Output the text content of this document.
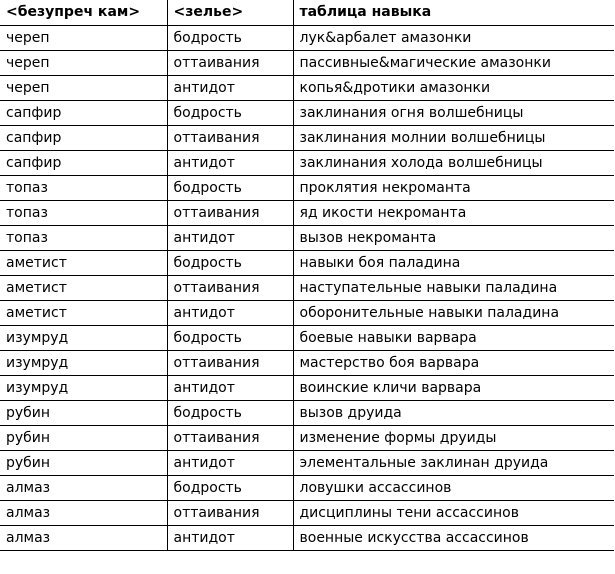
<безупреч кам>	<зелье>	таблица навыка
череп	бодрость	лук&арбалет амазонки
череп	оттаивания	пассивные&магические амазонки
череп	антидот	копья&дротики амазонки
сапфир	бодрость	заклинания огня волшебницы
сапфир	оттаивания	заклинания молнии волшебницы
сапфир	антидот	заклинания холода волшебницы
топаз	бодрость	проклятия некроманта
топаз	оттаивания	яд икости некроманта
топаз	антидот	вызов некроманта
аметист	бодрость	навыки боя паладина
аметист	оттаивания	наступательные навыки паладина
аметист	антидот	оборонительные навыки паладина
изумруд	бодрость	боевые навыки варвара
изумруд	оттаивания	мастерство боя варвара
изумруд	антидот	воинские кличи варвара
рубин	бодрость	вызов друида
рубин	оттаивания	изменение формы друиды
рубин	антидот	элементальные заклинан друида
алмаз	бодрость	ловушки ассассинов
алмаз	оттаивания	дисциплины тени ассассинов
алмаз	антидот	военные искусства ассассинов
